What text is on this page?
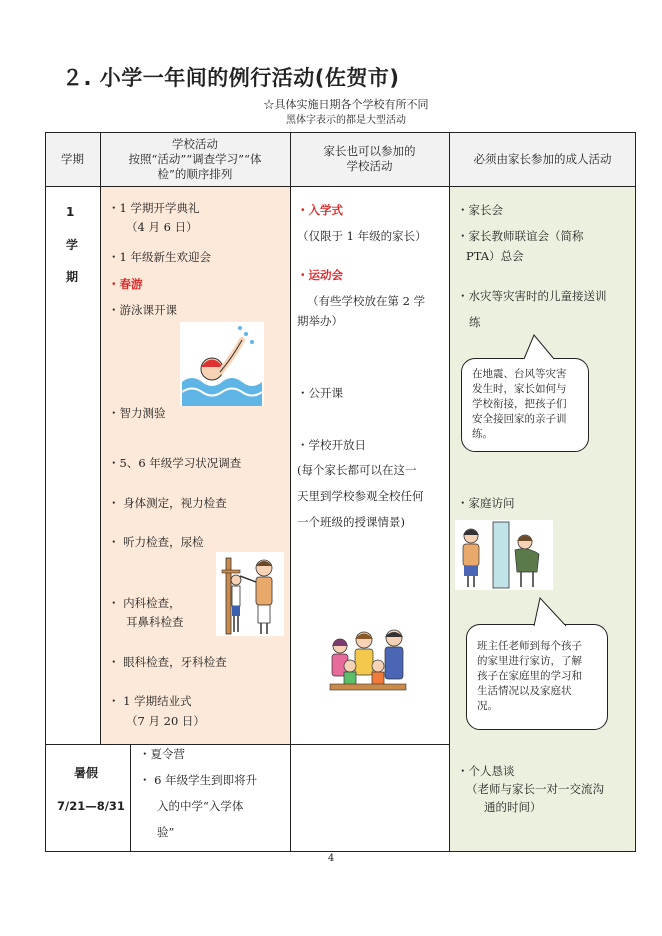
２. 小学一年间的例行活动(佐贺市)
☆具体实施日期各个学校有所不同
黑体字表示的都是大型活动
学期
学校活动
按照“活动”“调查学习”“体
检”的顺序排列
家长也可以参加的
学校活动
必须由家长参加的成人活动
1
学
期
・1 学期开学典礼
（4 月 6 日）
・1 年级新生欢迎会
・春游
・游泳课开课
・智力测验
・5、6 年级学习状况调查
・ 身体测定，视力检查
・ 听力检查，尿检
・ 内科检查，
耳鼻科检查
・ 眼科检查，牙科检查
・ 1 学期结业式
（7 月 20 日）
・入学式
（仅限于 1 年级的家长）
・运动会
（有些学校放在第 2 学
期举办）
・公开课
・学校开放日
(每个家长都可以在这一
天里到学校参观全校任何
一个班级的授课情景)
・家长会
・家长教师联谊会（简称
PTA）总会
・水灾等灾害时的儿童接送训
练
在地震、台风等灾害
发生时，家长如何与
学校衔接，把孩子们
安全接回家的亲子训
练。
・家庭访问
班主任老师到每个孩子
的家里进行家访，了解
孩子在家庭里的学习和
生活情况以及家庭状
况。
暑假
7/21—8/31
・夏令营
・ 6 年级学生到即将升
入的中学“入学体
验”
・个人恳谈
（老师与家长一对一交流沟
通的时间）
4
